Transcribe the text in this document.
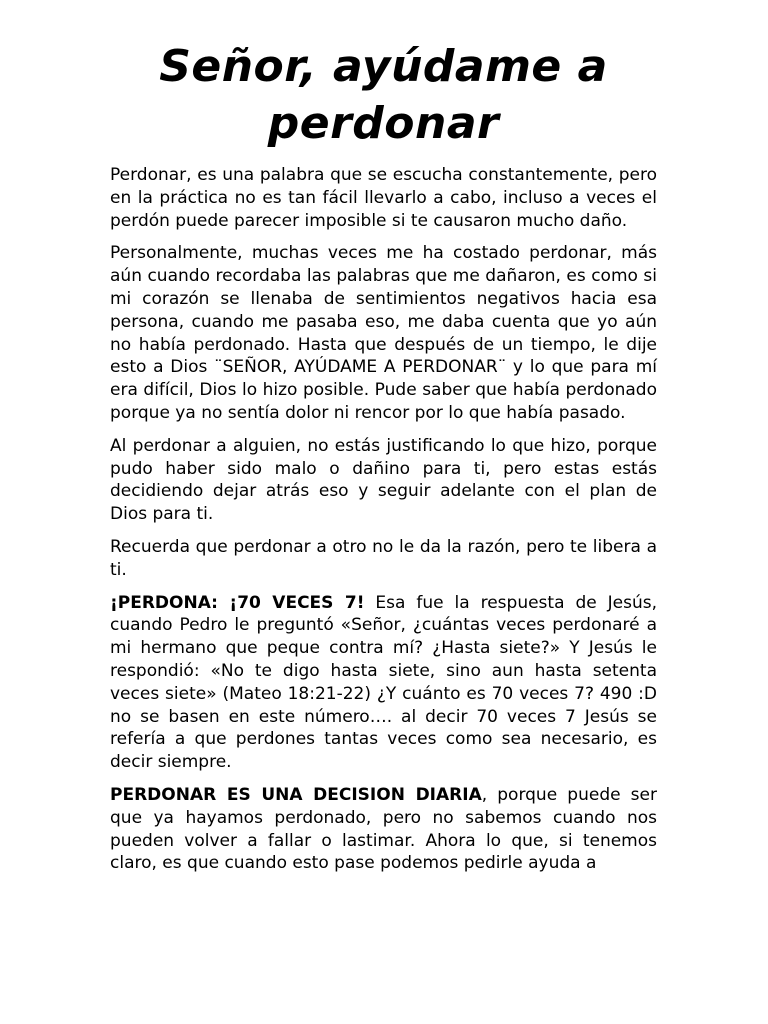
Señor, ayúdame a perdonar

Perdonar, es una palabra que se escucha constantemente, pero en la práctica no es tan fácil llevarlo a cabo, incluso a veces el perdón puede parecer imposible si te causaron mucho daño.

Personalmente, muchas veces me ha costado perdonar, más aún cuando recordaba las palabras que me dañaron, es como si mi corazón se llenaba de sentimientos negativos hacia esa persona, cuando me pasaba eso, me daba cuenta que yo aún no había perdonado. Hasta que después de un tiempo, le dije esto a Dios ¨SEÑOR, AYÚDAME A PERDONAR¨ y lo que para mí era difícil, Dios lo hizo posible. Pude saber que había perdonado porque ya no sentía dolor ni rencor por lo que había pasado.

Al perdonar a alguien, no estás justificando lo que hizo, porque pudo haber sido malo o dañino para ti, pero estas estás decidiendo dejar atrás eso y seguir adelante con el plan de Dios para ti.

Recuerda que perdonar a otro no le da la razón, pero te libera a ti.

¡PERDONA: ¡70 VECES 7! Esa fue la respuesta de Jesús, cuando Pedro le preguntó «Señor, ¿cuántas veces perdonaré a mi hermano que peque contra mí? ¿Hasta siete?» Y Jesús le respondió: «No te digo hasta siete, sino aun hasta setenta veces siete» (Mateo 18:21-22) ¿Y cuánto es 70 veces 7? 490 :D no se basen en este número…. al decir 70 veces 7 Jesús se refería a que perdones tantas veces como sea necesario, es decir siempre.

PERDONAR ES UNA DECISION DIARIA, porque puede ser que ya hayamos perdonado, pero no sabemos cuando nos pueden volver a fallar o lastimar. Ahora lo que, si tenemos claro, es que cuando esto pase podemos pedirle ayuda a
